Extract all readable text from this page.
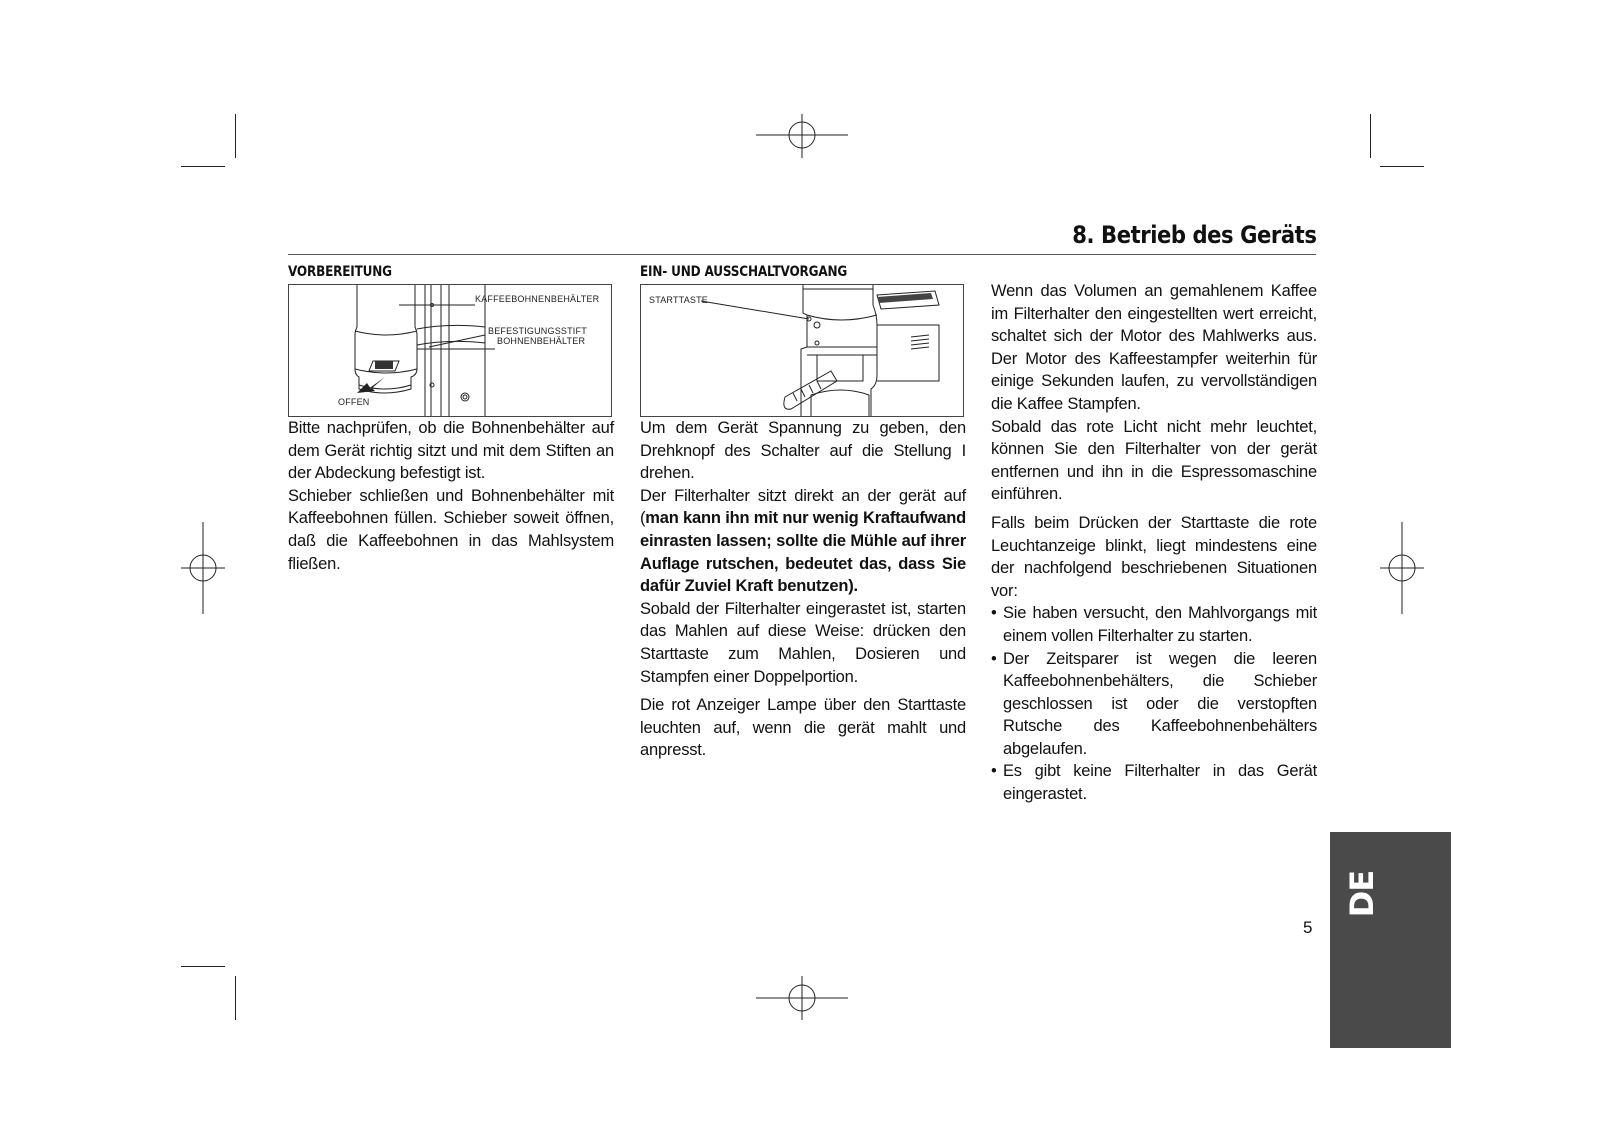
8. Betrieb des Geräts
VORBEREITUNG
KAFFEEBOHNENBEHÄLTER
BEFESTIGUNGSSTIFT
BOHNENBEHÄLTER
OFFEN

Bitte nachprüfen, ob die Bohnenbehälter auf dem Gerät richtig sitzt und mit dem Stiften an der Abdeckung befestigt ist.

Schieber schließen und Bohnenbehälter mit Kaffeebohnen füllen. Schieber soweit öffnen, daß die Kaffeebohnen in das Mahlsystem fließen.

EIN- UND AUSSCHALTVORGANG
STARTTASTE

Um dem Gerät Spannung zu geben, den Drehknopf des Schalter auf die Stellung I drehen.

Der Filterhalter sitzt direkt an der gerät auf (man kann ihn mit nur wenig Kraftaufwand einrasten lassen; sollte die Mühle auf ihrer Auflage rutschen, bedeutet das, dass Sie dafür Zuviel Kraft benutzen).

Sobald der Filterhalter eingerastet ist, starten das Mahlen auf diese Weise: drücken den Starttaste zum Mahlen, Dosieren und Stampfen einer Doppelportion.

Die rot Anzeiger Lampe über den Starttaste leuchten auf, wenn die gerät mahlt und anpresst.

Wenn das Volumen an gemahlenem Kaffee im Filterhalter den eingestellten wert erreicht, schaltet sich der Motor des Mahlwerks aus. Der Motor des Kaffeestampfer weiterhin für einige Sekunden laufen, zu vervollständigen die Kaffee Stampfen.

Sobald das rote Licht nicht mehr leuchtet, können Sie den Filterhalter von der gerät entfernen und ihn in die Espressomaschine einführen.

Falls beim Drücken der Starttaste die rote Leuchtanzeige blinkt, liegt mindestens eine der nachfolgend beschriebenen Situationen vor:

• Sie haben versucht, den Mahlvorgangs mit einem vollen Filterhalter zu starten.
• Der Zeitsparer ist wegen die leeren Kaffeebohnenbehälters, die Schieber geschlossen ist oder die verstopften Rutsche des Kaffeebohnenbehälters abgelaufen.
• Es gibt keine Filterhalter in das Gerät eingerastet.
DE
5
